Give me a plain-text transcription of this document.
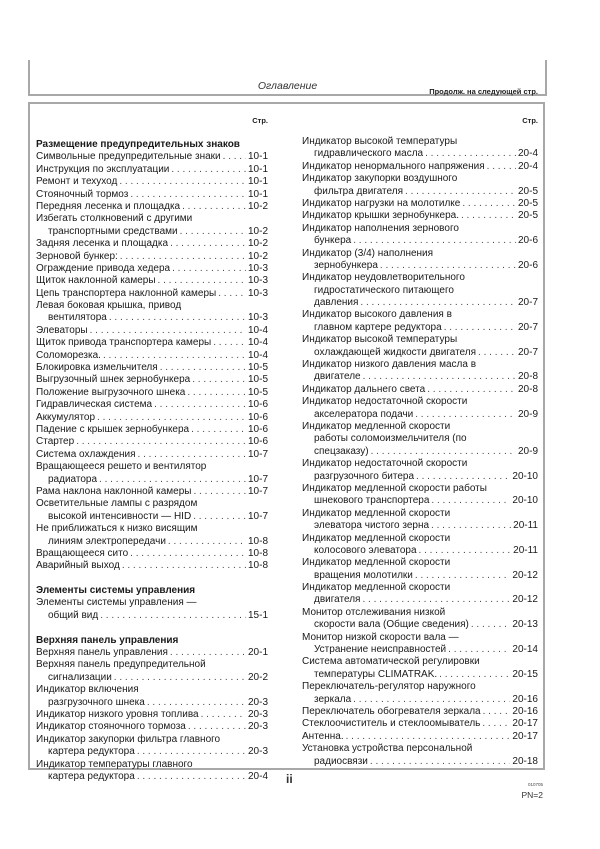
Оглавление
Стр.
Размещение предупредительных знаков
Символьные предупредительные знаки . . .	10-1
Инструкция по эксплуатации . . .	10-1
Ремонт и техуход . . .	10-1
Стояночный тормоз . . .	10-1
Передняя лесенка и площадка . . .	10-2
Избегать столкновений с другими
транспортными средствами . . .	10-2
Задняя лесенка и площадка . . .	10-2
Зерновой бункер: . . .	10-2
Ограждение привода хедера . . .	10-3
Щиток наклонной камеры . . .	10-3
Цепь транспортера наклонной камеры . . .	10-3
Левая боковая крышка, привод
вентилятора . . .	10-3
Элеваторы . . .	10-4
Щиток привода транспортера камеры . . .	10-4
Соломорезка. . . .	10-4
Блокировка измельчителя . . .	10-5
Выгрузочный шнек зернобункера . . .	10-5
Положение выгрузочного шнека . . .	10-5
Гидравлическая система . . .	10-6
Аккумулятор . . .	10-6
Падение с крышек зернобункера . . .	10-6
Стартер . . .	10-6
Система охлаждения . . .	10-7
Вращающееся решето и вентилятор
радиатора . . .	10-7
Рама наклона наклонной камеры . . .	10-7
Осветительные лампы с разрядом
высокой интенсивности — HID . . .	10-7
Не приближаться к низко висящим
линиям электропередачи . . .	10-8
Вращающееся сито . . .	10-8
Аварийный выход . . .	10-8
Элементы системы управления
Элементы системы управления —
общий вид . . .	15-1
Верхняя панель управления
Верхняя панель управления . . .	20-1
Верхняя панель предупредительной
сигнализации . . .	20-2
Индикатор включения
разгрузочного шнека . . .	20-3
Индикатор низкого уровня топлива . . .	20-3
Индикатор стояночного тормоза . . .	20-3
Индикатор закупорки фильтра главного
картера редуктора . . .	20-3
Индикатор температуры главного
картера редуктора . . .	20-4
Стр.
Индикатор высокой температуры
гидравлического масла . . .	20-4
Индикатор ненормального напряжения . . .	20-4
Индикатор закупорки воздушного
фильтра двигателя . . .	20-5
Индикатор нагрузки на молотилке . . .	20-5
Индикатор крышки зернобункера. . . .	20-5
Индикатор наполнения зернового
бункера . . .	20-6
Индикатор (3/4) наполнения
зернобункера . . .	20-6
Индикатор неудовлетворительного
гидростатического питающего
давления . . .	20-7
Индикатор высокого давления в
главном картере редуктора . . .	20-7
Индикатор высокой температуры
охлаждающей жидкости двигателя . . .	20-7
Индикатор низкого давления масла в
двигателе . . .	20-8
Индикатор дальнего света . . .	20-8
Индикатор недостаточной скорости
акселератора подачи . . .	20-9
Индикатор медленной скорости
работы соломоизмельчителя (по
спецзаказу) . . .	20-9
Индикатор недостаточной скорости
разгрузочного битера . . .	20-10
Индикатор медленной скорости работы
шнекового транспортера . . .	20-10
Индикатор медленной скорости
элеватора чистого зерна . . .	20-11
Индикатор медленной скорости
колосового элеватора . . .	20-11
Индикатор медленной скорости
вращения молотилки . . .	20-12
Индикатор медленной скорости
двигателя . . .	20-12
Монитор отслеживания низкой
скорости вала (Общие сведения) . . .	20-13
Монитор низкой скорости вала —
Устранение неисправностей . . .	20-14
Система автоматической регулировки
температуры CLIMATRAK. . . .	20-15
Переключатель-регулятор наружного
зеркала . . .	20-16
Переключатель обогревателя зеркала . . .	20-16
Стеклоочиститель и стеклоомыватель . . .	20-17
Антенна. . . .	20-17
Установка устройства персональной
радиосвязи . . .	20-18
Продолж. на следующей стр.
ii	010705
PN=2
